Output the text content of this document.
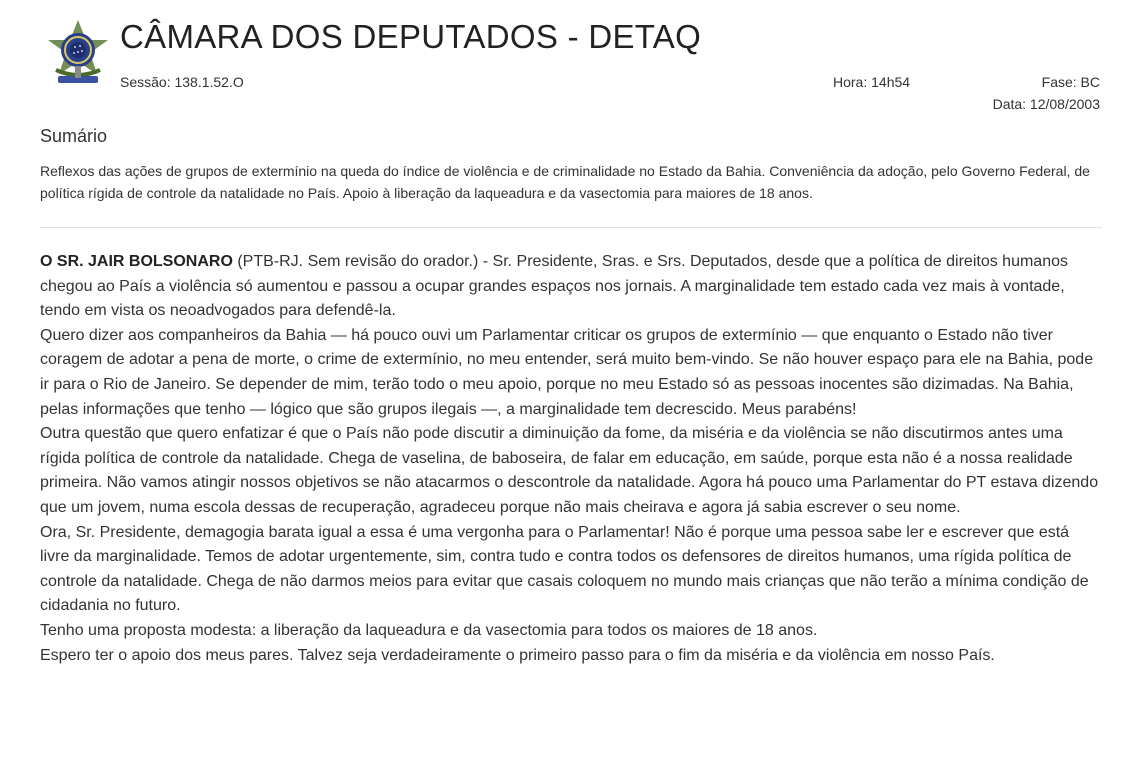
CÂMARA DOS DEPUTADOS - DETAQ
Sessão: 138.1.52.O	Hora: 14h54	Fase: BC
Data: 12/08/2003
Sumário

Reflexos das ações de grupos de extermínio na queda do índice de violência e de criminalidade no Estado da Bahia. Conveniência da adoção, pelo Governo Federal, de política rígida de controle da natalidade no País. Apoio à liberação da laqueadura e da vasectomia para maiores de 18 anos.

O SR. JAIR BOLSONARO (PTB-RJ. Sem revisão do orador.) - Sr. Presidente, Sras. e Srs. Deputados, desde que a política de direitos humanos chegou ao País a violência só aumentou e passou a ocupar grandes espaços nos jornais. A marginalidade tem estado cada vez mais à vontade, tendo em vista os neoadvogados para defendê-la.

Quero dizer aos companheiros da Bahia — há pouco ouvi um Parlamentar criticar os grupos de extermínio — que enquanto o Estado não tiver coragem de adotar a pena de morte, o crime de extermínio, no meu entender, será muito bem-vindo. Se não houver espaço para ele na Bahia, pode ir para o Rio de Janeiro. Se depender de mim, terão todo o meu apoio, porque no meu Estado só as pessoas inocentes são dizimadas. Na Bahia, pelas informações que tenho — lógico que são grupos ilegais —, a marginalidade tem decrescido. Meus parabéns!

Outra questão que quero enfatizar é que o País não pode discutir a diminuição da fome, da miséria e da violência se não discutirmos antes uma rígida política de controle da natalidade. Chega de vaselina, de baboseira, de falar em educação, em saúde, porque esta não é a nossa realidade primeira. Não vamos atingir nossos objetivos se não atacarmos o descontrole da natalidade. Agora há pouco uma Parlamentar do PT estava dizendo que um jovem, numa escola dessas de recuperação, agradeceu porque não mais cheirava e agora já sabia escrever o seu nome.

Ora, Sr. Presidente, demagogia barata igual a essa é uma vergonha para o Parlamentar! Não é porque uma pessoa sabe ler e escrever que está livre da marginalidade. Temos de adotar urgentemente, sim, contra tudo e contra todos os defensores de direitos humanos, uma rígida política de controle da natalidade. Chega de não darmos meios para evitar que casais coloquem no mundo mais crianças que não terão a mínima condição de cidadania no futuro.

Tenho uma proposta modesta: a liberação da laqueadura e da vasectomia para todos os maiores de 18 anos.

Espero ter o apoio dos meus pares. Talvez seja verdadeiramente o primeiro passo para o fim da miséria e da violência em nosso País.
